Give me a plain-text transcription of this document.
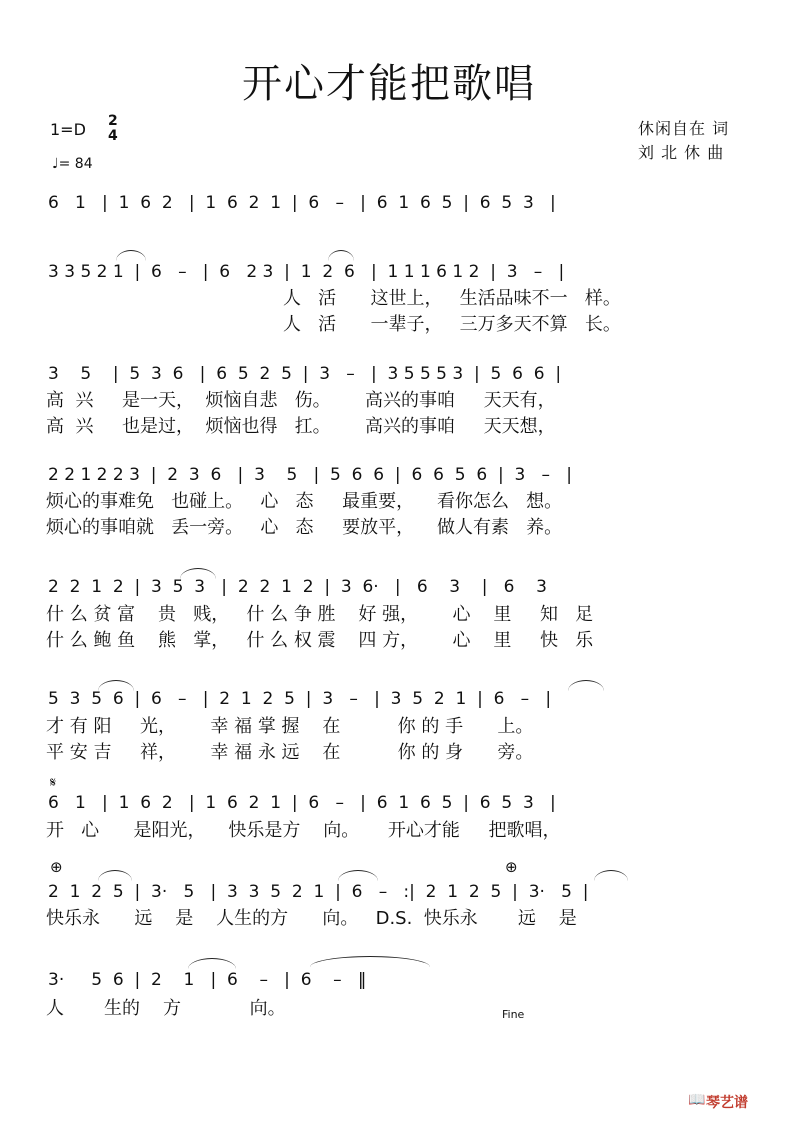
开心才能把歌唱
1=D 2
4
♩= 84
休闲自在 词
刘 北 休 曲
6   1   |  1  6  2   |  1  6  2  1  |  6   –   |  6  1  6  5  |  6  5  3   |
3 3 5 2 1  |  6   –   |  6   2 3  |  1  2  6   |  1 1 1 6 1 2  |  3   –   |
人   活      这世上，   生活品味不一   样。
人   活      一辈子，   三万多天不算   长。
3    5    |  5  3  6   |  6  5  2  5  |  3   –   |  3 5 5 5 3  |  5  6  6  |
高  兴     是一天，  烦恼自悲   伤。      高兴的事咱     天天有，
高  兴     也是过，  烦恼也得   扛。      高兴的事咱     天天想，
2 2 1 2 2 3  |  2  3  6   |  3    5   |  5  6  6  |  6  6  5  6  |  3   –   |
烦心的事难免   也碰上。   心   态     最重要，    看你怎么   想。
烦心的事咱就   丢一旁。   心   态     要放平，    做人有素   养。
2  2  1  2  |  3  5  3   |  2  2  1  2  |  3  6·   |   6    3    |   6    3
什 么 贫 富    贵   贱，   什 么 争 胜    好 强，      心    里     知   足
什 么 鲍 鱼    熊   掌，   什 么 权 震    四 方，      心    里     快   乐
5  3  5  6  |  6   –   |  2  1  2  5  |  3   –   |  3  5  2  1  |  6   –   |
才 有 阳     光，      幸 福 掌 握    在          你 的 手      上。
平 安 吉     祥，      幸 福 永 远    在          你 的 身      旁。
𝄋
6   1   |  1  6  2   |  1  6  2  1  |  6   –   |  6  1  6  5  |  6  5  3   |
开   心      是阳光，    快乐是方    向。     开心才能     把歌唱，
⊕	⊕
2  1  2  5  |  3·   5   |  3  3  5  2  1  |  6   –   :|  2  1  2  5  |  3·   5  |
快乐永      远    是    人生的方      向。   D.S.  快乐永       远    是
3·     5  6  |  2    1   |  6    –   |  6    –   ‖
人       生的    方            向。	Fine
📖 琴艺谱
